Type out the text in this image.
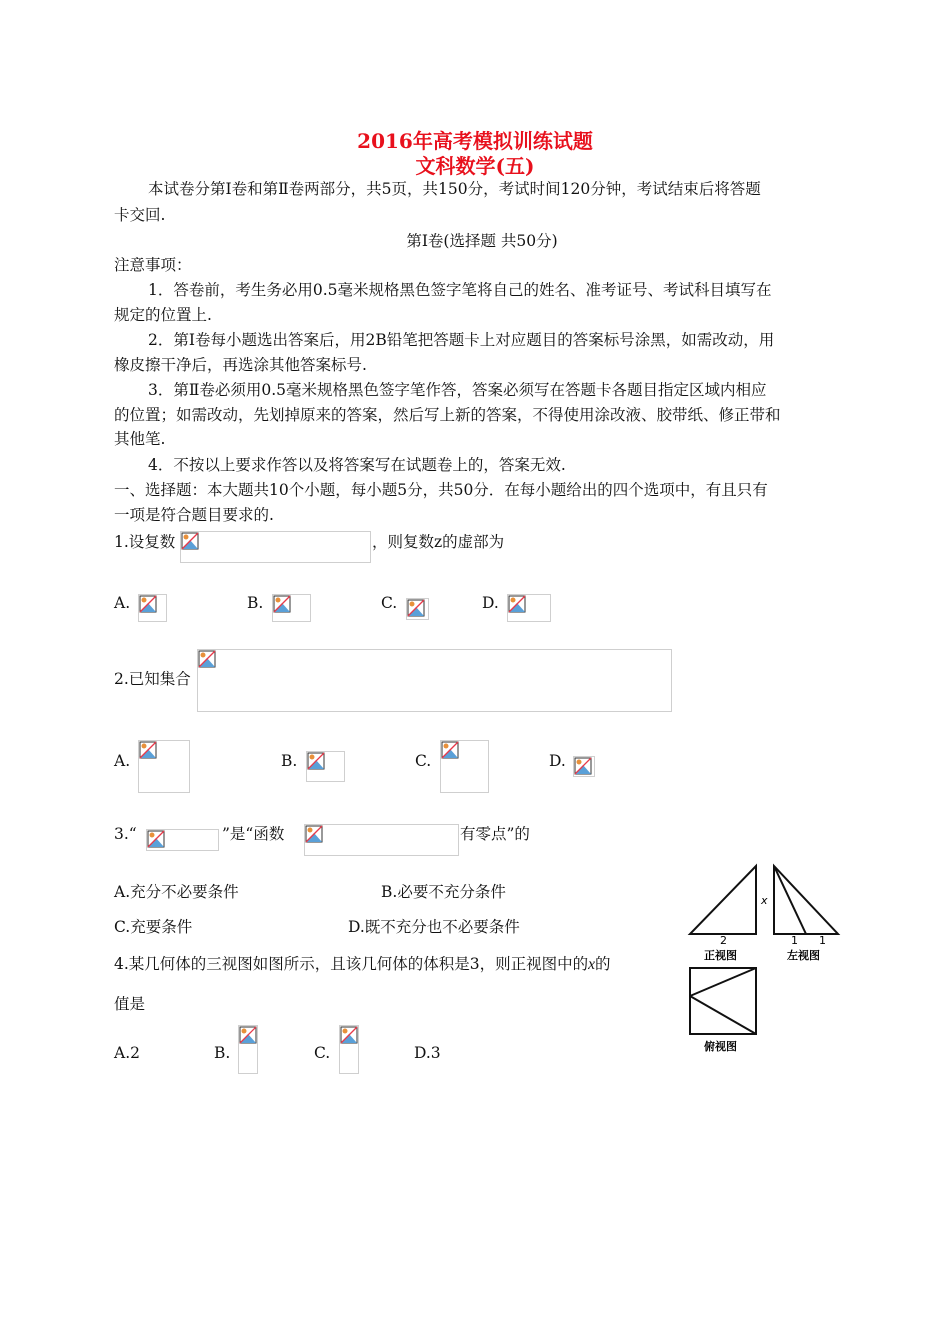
2016年高考模拟训练试题
文科数学(五)
本试卷分第Ⅰ卷和第Ⅱ卷两部分，共5页，共150分，考试时间120分钟，考试结束后将答题
卡交回.
第Ⅰ卷(选择题 共50分)
注意事项：
1．答卷前，考生务必用0.5毫米规格黑色签字笔将自己的姓名、准考证号、考试科目填写在
规定的位置上.
2．第Ⅰ卷每小题选出答案后，用2B铅笔把答题卡上对应题目的答案标号涂黑，如需改动，用
橡皮擦干净后，再选涂其他答案标号.
3．第Ⅱ卷必须用0.5毫米规格黑色签字笔作答，答案必须写在答题卡各题目指定区域内相应
的位置；如需改动，先划掉原来的答案，然后写上新的答案，不得使用涂改液、胶带纸、修正带和
其他笔.
4．不按以上要求作答以及将答案写在试题卷上的，答案无效.
一、选择题：本大题共10个小题，每小题5分，共50分．在每小题给出的四个选项中，有且只有
一项是符合题目要求的.
1.设复数	，则复数z的虚部为
A.	B.	C.	D.
2.已知集合
A.	B.	C.	D.
3.“	”是“函数	有零点”的
A.充分不必要条件	B.必要不充分条件
C.充要条件	D.既不充分也不必要条件
4.某几何体的三视图如图所示，且该几何体的体积是3，则正视图中的x的
值是
A.2	B.	C.	D.3
x
2
正视图
1 1
左视图
俯视图
